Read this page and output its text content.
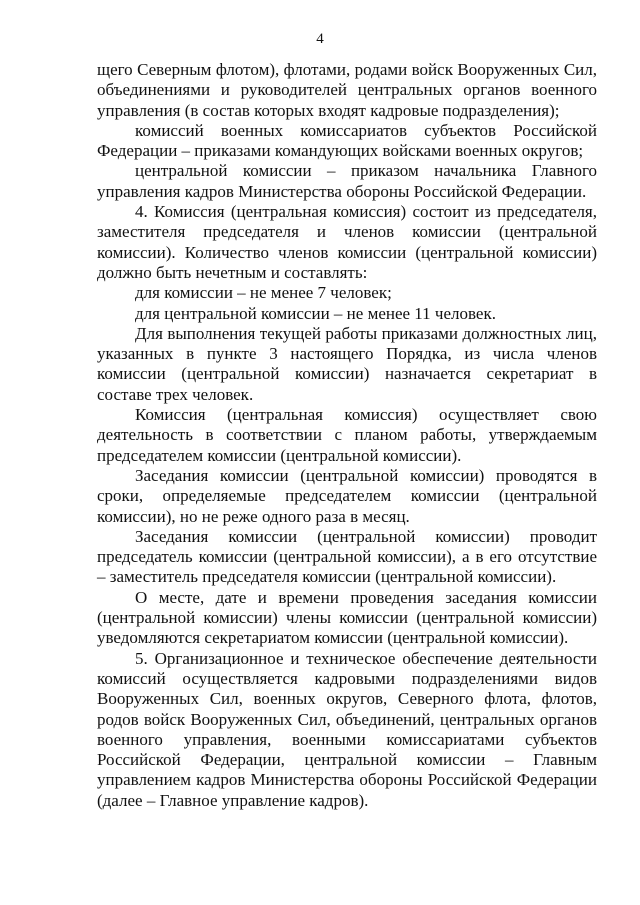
4

щего Северным флотом), флотами, родами войск Вооруженных Сил, объединениями и руководителей центральных органов военного управления (в состав которых входят кадровые подразделения);

комиссий военных комиссариатов субъектов Российской Федерации – приказами командующих войсками военных округов;

центральной комиссии – приказом начальника Главного управления кадров Министерства обороны Российской Федерации.

4. Комиссия (центральная комиссия) состоит из председателя, заместителя председателя и членов комиссии (центральной комиссии). Количество членов комиссии (центральной комиссии) должно быть нечетным и составлять:

для комиссии – не менее 7 человек;

для центральной комиссии – не менее 11 человек.

Для выполнения текущей работы приказами должностных лиц, указанных в пункте 3 настоящего Порядка, из числа членов комиссии (центральной комиссии) назначается секретариат в составе трех человек.

Комиссия (центральная комиссия) осуществляет свою деятельность в соответствии с планом работы, утверждаемым председателем комиссии (центральной комиссии).

Заседания комиссии (центральной комиссии) проводятся в сроки, определяемые председателем комиссии (центральной комиссии), но не реже одного раза в месяц.

Заседания комиссии (центральной комиссии) проводит председатель комиссии (центральной комиссии), а в его отсутствие – заместитель председателя комиссии (центральной комиссии).

О месте, дате и времени проведения заседания комиссии (центральной комиссии) члены комиссии (центральной комиссии) уведомляются секретариатом комиссии (центральной комиссии).

5. Организационное и техническое обеспечение деятельности комиссий осуществляется кадровыми подразделениями видов Вооруженных Сил, военных округов, Северного флота, флотов, родов войск Вооруженных Сил, объединений, центральных органов военного управления, военными комиссариатами субъектов Российской Федерации, центральной комиссии – Главным управлением кадров Министерства обороны Российской Федерации (далее – Главное управление кадров).
